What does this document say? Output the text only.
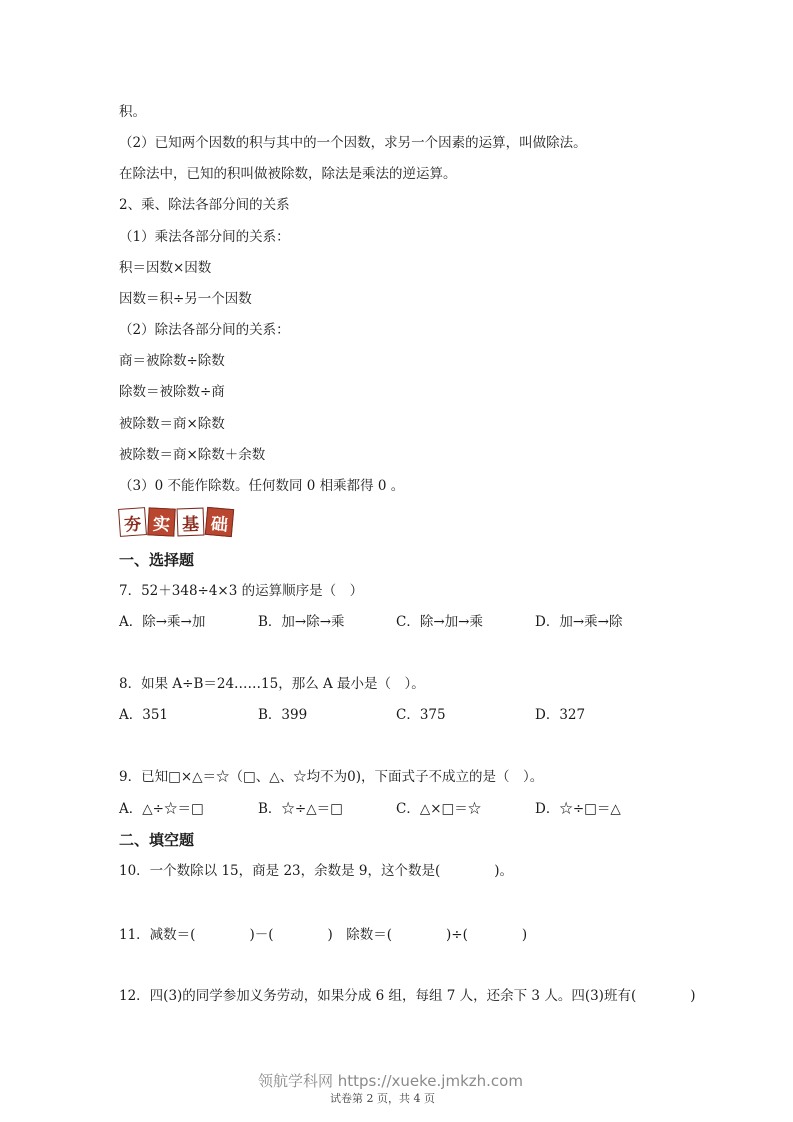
积。
（2）已知两个因数的积与其中的一个因数，求另一个因素的运算，叫做除法。
在除法中，已知的积叫做被除数，除法是乘法的逆运算。
2、乘、除法各部分间的关系
（1）乘法各部分间的关系：
积＝因数×因数
因数＝积÷另一个因数
（2）除法各部分间的关系：
商＝被除数÷除数
除数＝被除数÷商
被除数＝商×除数
被除数＝商×除数＋余数
（3）0 不能作除数。任何数同 0 相乘都得 0 。
夯 实 基 础
一、选择题
7．52＋348÷4×3 的运算顺序是（　）
A．除→乘→加	B．加→除→乘	C．除→加→乘	D．加→乘→除
8．如果 A÷B＝24……15，那么 A 最小是（　）。
A．351	B．399	C．375	D．327
9．已知□×△＝☆（□、△、☆均不为0)，下面式子不成立的是（　）。
A．△÷☆＝□	B．☆÷△＝□	C．△×□＝☆	D．☆÷□＝△
二、填空题
10．一个数除以 15，商是 23，余数是 9，这个数是(　　　　)。
11．减数＝(　　　　)－(　　　　)　除数＝(　　　　)÷(　　　　)
12．四(3)的同学参加义务劳动，如果分成 6 组，每组 7 人，还余下 3 人。四(3)班有(　　　　)
领航学科网 https://xueke.jmkzh.com
试卷第 2 页，共 4 页
